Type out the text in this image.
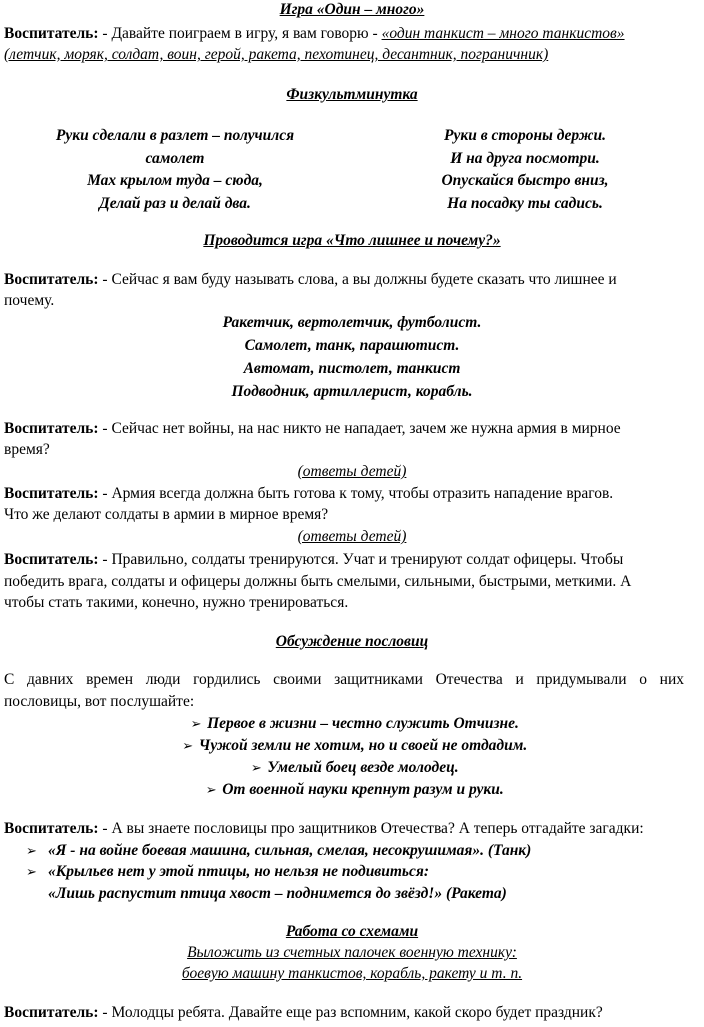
Игра «Один – много»
Воспитатель: - Давайте поиграем в игру, я вам говорю - «один танкист – много танкистов»
(летчик, моряк, солдат, воин, герой, ракета, пехотинец, десантник, пограничник)
Физкультминутка
Руки сделали в разлет – получился
самолет
Мах крылом туда – сюда,
Делай раз и делай два.
Руки в стороны держи.
И на друга посмотри.
Опускайся быстро вниз,
На посадку ты садись.
Проводится игра «Что лишнее и почему?»
Воспитатель: - Сейчас я вам буду называть слова, а вы должны будете сказать что лишнее и
почему.
Ракетчик, вертолетчик, футболист.
Самолет, танк, парашютист.
Автомат, пистолет, танкист
Подводник, артиллерист, корабль.
Воспитатель: - Сейчас нет войны, на нас никто не нападает, зачем же нужна армия в мирное
время?
(ответы детей)
Воспитатель: - Армия всегда должна быть готова к тому, чтобы отразить нападение врагов.
Что же делают солдаты в армии в мирное время?
(ответы детей)
Воспитатель: - Правильно, солдаты тренируются. Учат и тренируют солдат офицеры. Чтобы
победить врага, солдаты и офицеры должны быть смелыми, сильными, быстрыми, меткими. А
чтобы стать такими, конечно, нужно тренироваться.
Обсуждение пословиц
С давних времен люди гордились своими защитниками Отечества и придумывали о них
пословицы, вот послушайте:
➢ Первое в жизни – честно служить Отчизне.
➢ Чужой земли не хотим, но и своей не отдадим.
➢ Умелый боец везде молодец.
➢ От военной науки крепнут разум и руки.
Воспитатель: - А вы знаете пословицы про защитников Отечества? А теперь отгадайте загадки:
➢ «Я - на войне боевая машина, сильная, смелая, несокрушимая». (Танк)
➢ «Крыльев нет у этой птицы, но нельзя не подивиться:
«Лишь распустит птица хвост – поднимется до звёзд!» (Ракета)
Работа со схемами
Выложить из счетных палочек военную технику:
боевую машину танкистов, корабль, ракету и т. п.
Воспитатель: - Молодцы ребята. Давайте еще раз вспомним, какой скоро будет праздник?
